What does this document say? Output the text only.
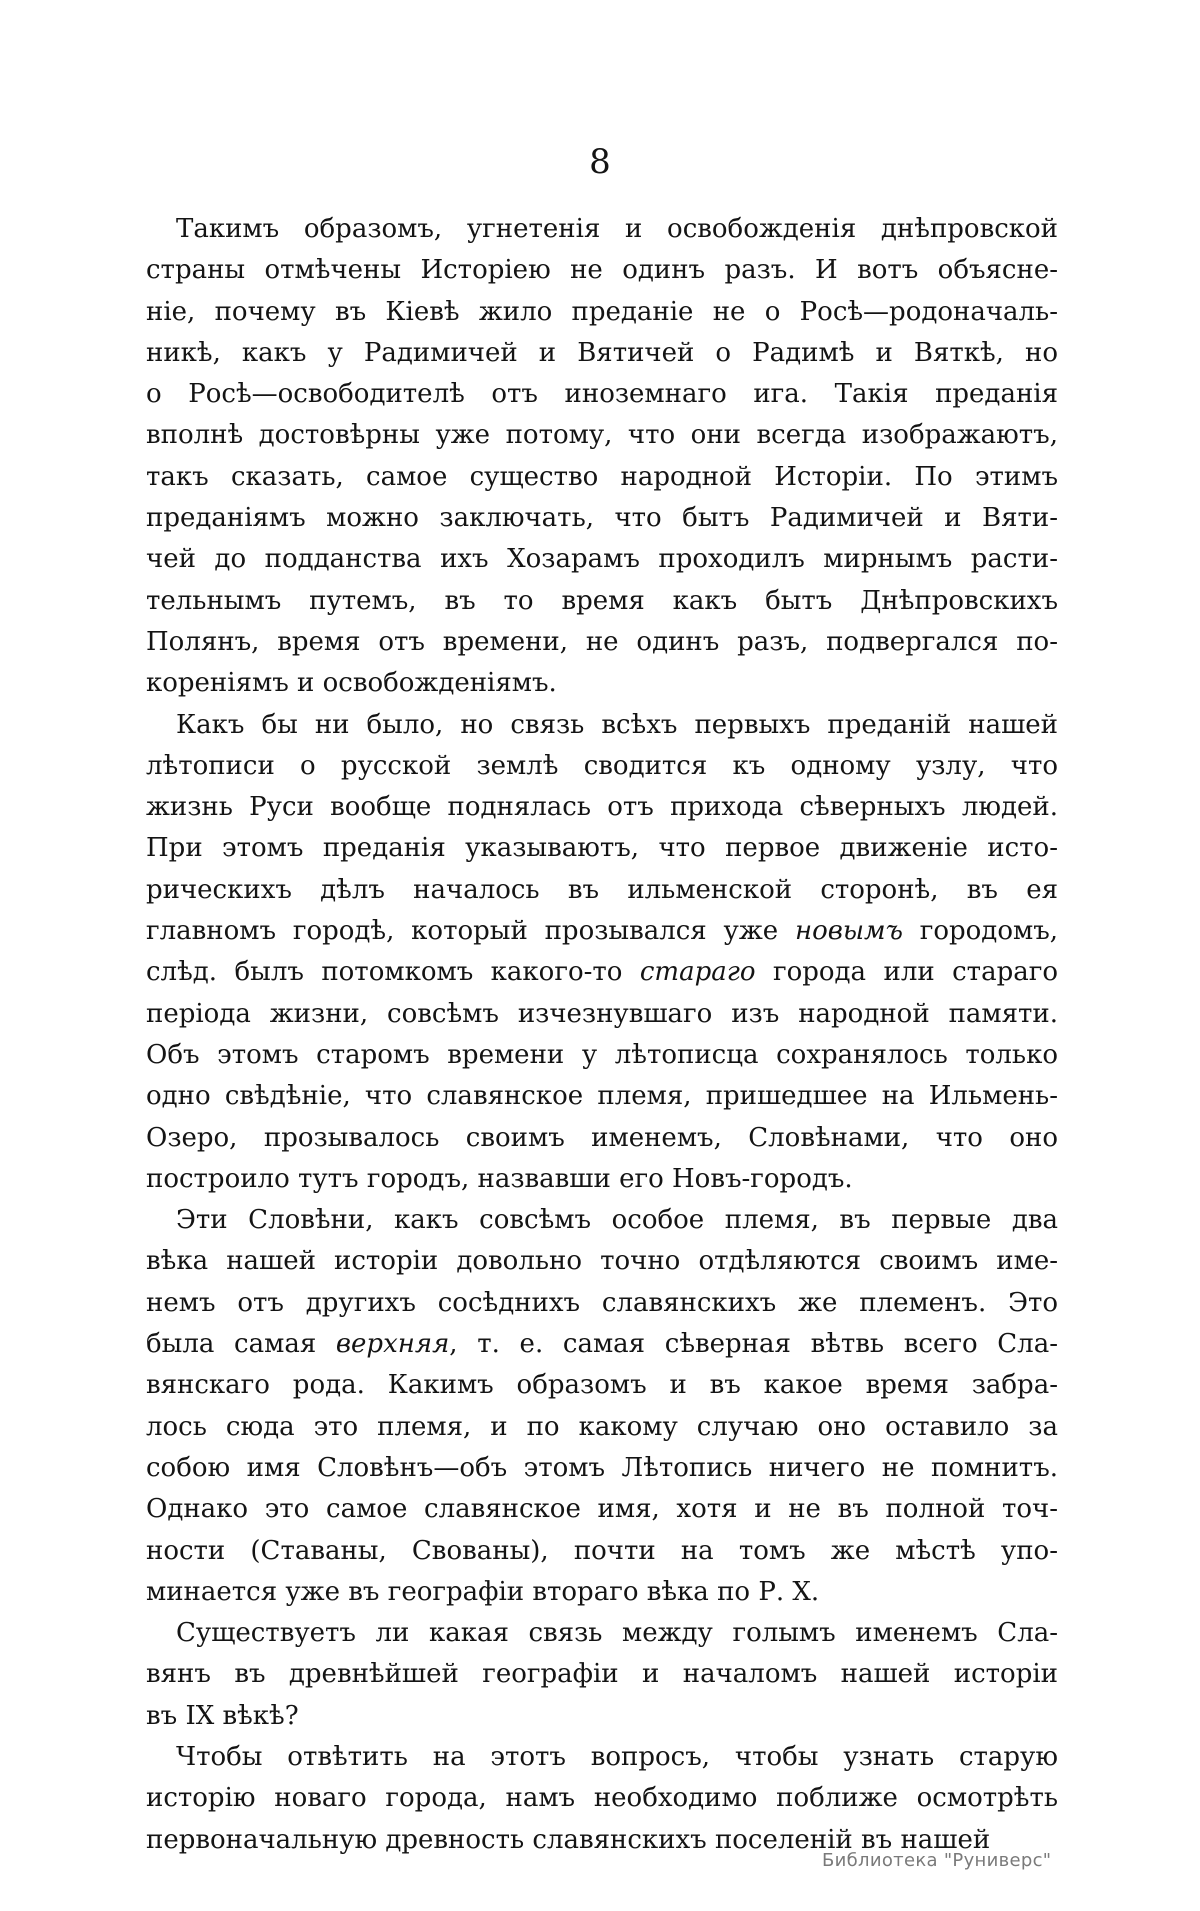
8
Такимъ образомъ, угнетенія и освобожденія днѣпровской
страны отмѣчены Исторіею не одинъ разъ. И вотъ объясне-
ніе, почему въ Кіевѣ жило преданіе не о Росѣ—родоначаль-
никѣ, какъ у Радимичей и Вятичей о Радимѣ и Вяткѣ, но
о Росѣ—освободителѣ отъ иноземнаго ига. Такія преданія
вполнѣ достовѣрны уже потому, что они всегда изображаютъ,
такъ сказать, самое существо народной Исторіи. По этимъ
преданіямъ можно заключать, что бытъ Радимичей и Вяти-
чей до подданства ихъ Хозарамъ проходилъ мирнымъ расти-
тельнымъ путемъ, въ то время какъ бытъ Днѣпровскихъ
Полянъ, время отъ времени, не одинъ разъ, подвергался по-
кореніямъ и освобожденіямъ.
Какъ бы ни было, но связь всѣхъ первыхъ преданій нашей
лѣтописи о русской землѣ сводится къ одному узлу, что
жизнь Руси вообще поднялась отъ прихода сѣверныхъ людей.
При этомъ преданія указываютъ, что первое движеніе исто-
рическихъ дѣлъ началось въ ильменской сторонѣ, въ ея
главномъ городѣ, который прозывался уже новымъ городомъ,
слѣд. былъ потомкомъ какого-то стараго города или стараго
періода жизни, совсѣмъ изчезнувшаго изъ народной памяти.
Объ этомъ старомъ времени у лѣтописца сохранялось только
одно свѣдѣніе, что славянское племя, пришедшее на Ильмень-
Озеро, прозывалось своимъ именемъ, Словѣнами, что оно
построило тутъ городъ, назвавши его Новъ-городъ.
Эти Словѣни, какъ совсѣмъ особое племя, въ первые два
вѣка нашей исторіи довольно точно отдѣляются своимъ име-
немъ отъ другихъ сосѣднихъ славянскихъ же племенъ. Это
была самая верхняя, т. е. самая сѣверная вѣтвь всего Сла-
вянскаго рода. Какимъ образомъ и въ какое время забра-
лось сюда это племя, и по какому случаю оно оставило за
собою имя Словѣнъ—объ этомъ Лѣтопись ничего не помнитъ.
Однако это самое славянское имя, хотя и не въ полной точ-
ности (Ставаны, Свованы), почти на томъ же мѣстѣ упо-
минается уже въ географіи втораго вѣка по Р. Х.
Существуетъ ли какая связь между голымъ именемъ Сла-
вянъ въ древнѣйшей географіи и началомъ нашей исторіи
въ IX вѣкѣ?
Чтобы отвѣтить на этотъ вопросъ, чтобы узнать старую
исторію новаго города, намъ необходимо поближе осмотрѣть
первоначальную древность славянскихъ поселеній въ нашей
Библиотека "Руниверс"
